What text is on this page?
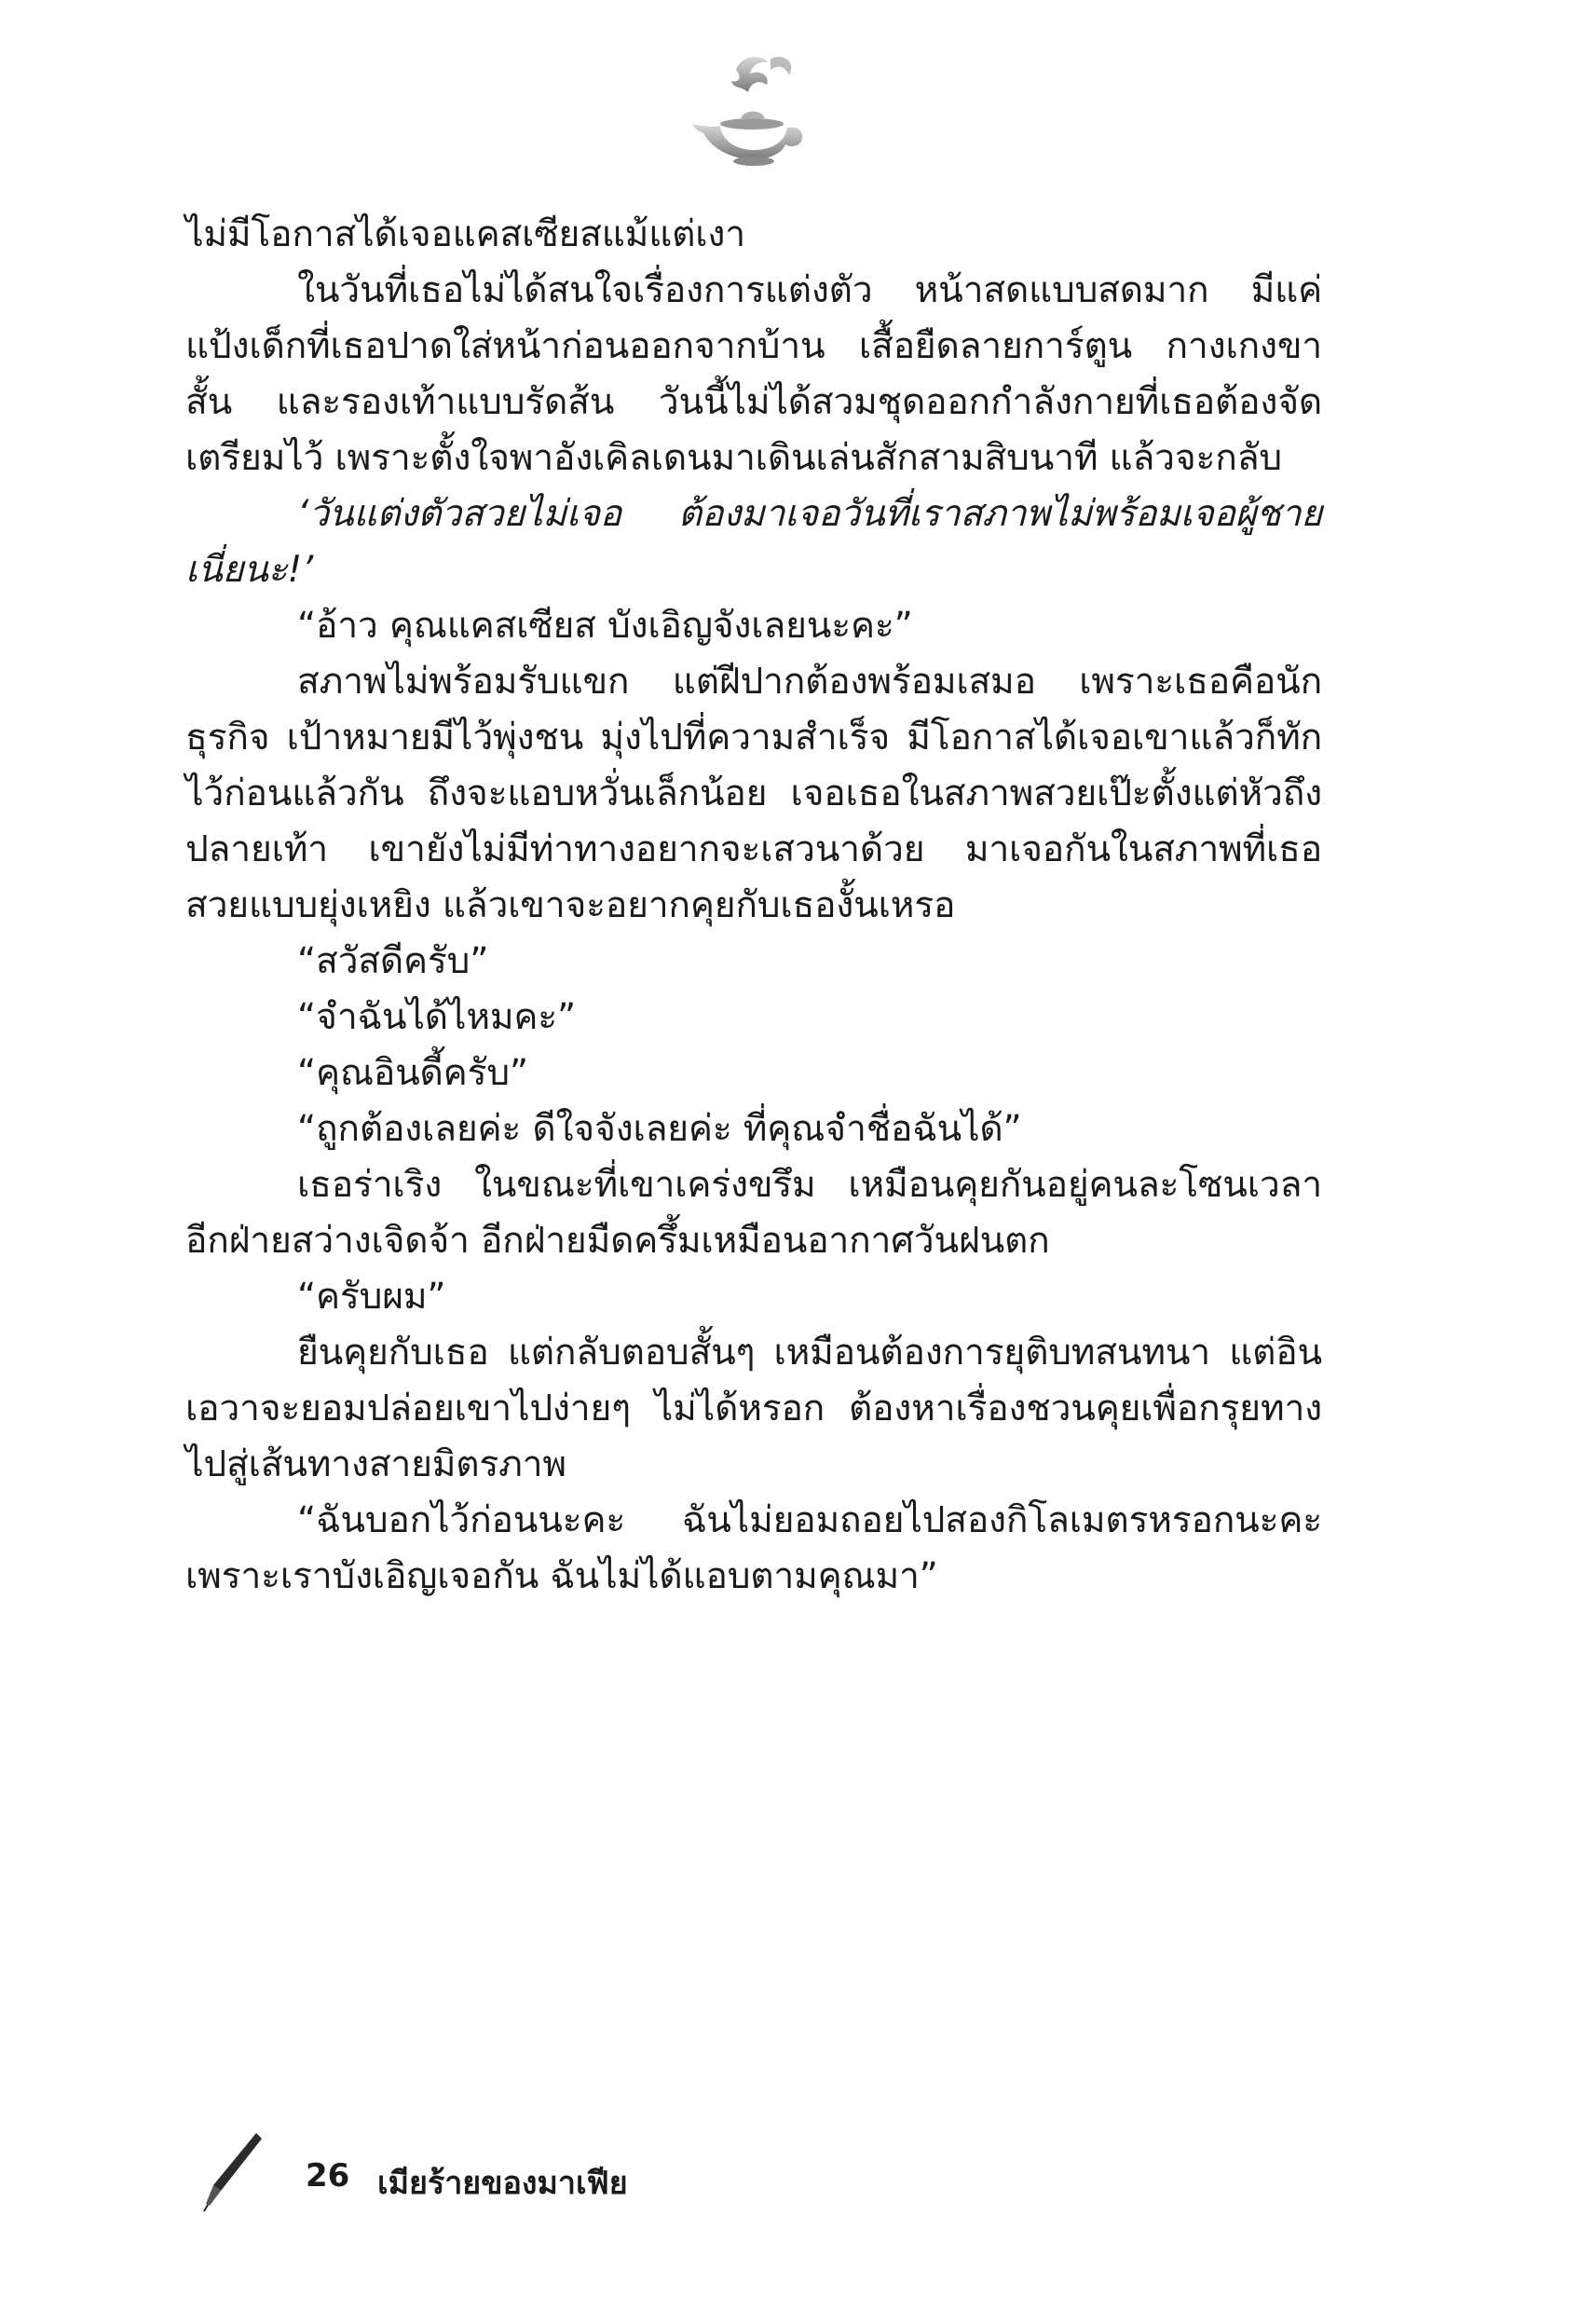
ไม่มีโอกาสได้เจอแคสเซียสแม้แต่เงา

ในวันที่เธอไม่ได้สนใจเรื่องการแต่งตัว หน้าสดแบบสดมาก มีแค่แป้งเด็กที่เธอปาดใส่หน้าก่อนออกจากบ้าน เสื้อยืดลายการ์ตูน กางเกงขาสั้น และรองเท้าแบบรัดส้น วันนี้ไม่ได้สวมชุดออกกำลังกายที่เธอต้องจัดเตรียมไว้ เพราะตั้งใจพาอังเคิลเดนมาเดินเล่นสักสามสิบนาที แล้วจะกลับ

‘วันแต่งตัวสวยไม่เจอ ต้องมาเจอวันที่เราสภาพไม่พร้อมเจอผู้ชายเนี่ยนะ!’

“อ้าว คุณแคสเซียส บังเอิญจังเลยนะคะ”

สภาพไม่พร้อมรับแขก แต่ฝีปากต้องพร้อมเสมอ เพราะเธอคือนักธุรกิจ เป้าหมายมีไว้พุ่งชน มุ่งไปที่ความสำเร็จ มีโอกาสได้เจอเขาแล้วก็ทักไว้ก่อนแล้วกัน ถึงจะแอบหวั่นเล็กน้อย เจอเธอในสภาพสวยเป๊ะตั้งแต่หัวถึงปลายเท้า เขายังไม่มีท่าทางอยากจะเสวนาด้วย มาเจอกันในสภาพที่เธอสวยแบบยุ่งเหยิง แล้วเขาจะอยากคุยกับเธองั้นเหรอ

“สวัสดีครับ”

“จำฉันได้ไหมคะ”

“คุณอินดี้ครับ”

“ถูกต้องเลยค่ะ ดีใจจังเลยค่ะ ที่คุณจำชื่อฉันได้”

เธอร่าเริง ในขณะที่เขาเคร่งขรึม เหมือนคุยกันอยู่คนละโซนเวลา อีกฝ่ายสว่างเจิดจ้า อีกฝ่ายมืดครึ้มเหมือนอากาศวันฝนตก

“ครับผม”

ยืนคุยกับเธอ แต่กลับตอบสั้นๆ เหมือนต้องการยุติบทสนทนา แต่อินเอวาจะยอมปล่อยเขาไปง่ายๆ ไม่ได้หรอก ต้องหาเรื่องชวนคุยเพื่อกรุยทางไปสู่เส้นทางสายมิตรภาพ

“ฉันบอกไว้ก่อนนะคะ ฉันไม่ยอมถอยไปสองกิโลเมตรหรอกนะคะ เพราะเราบังเอิญเจอกัน ฉันไม่ได้แอบตามคุณมา”

26 เมียร้ายของมาเฟีย
